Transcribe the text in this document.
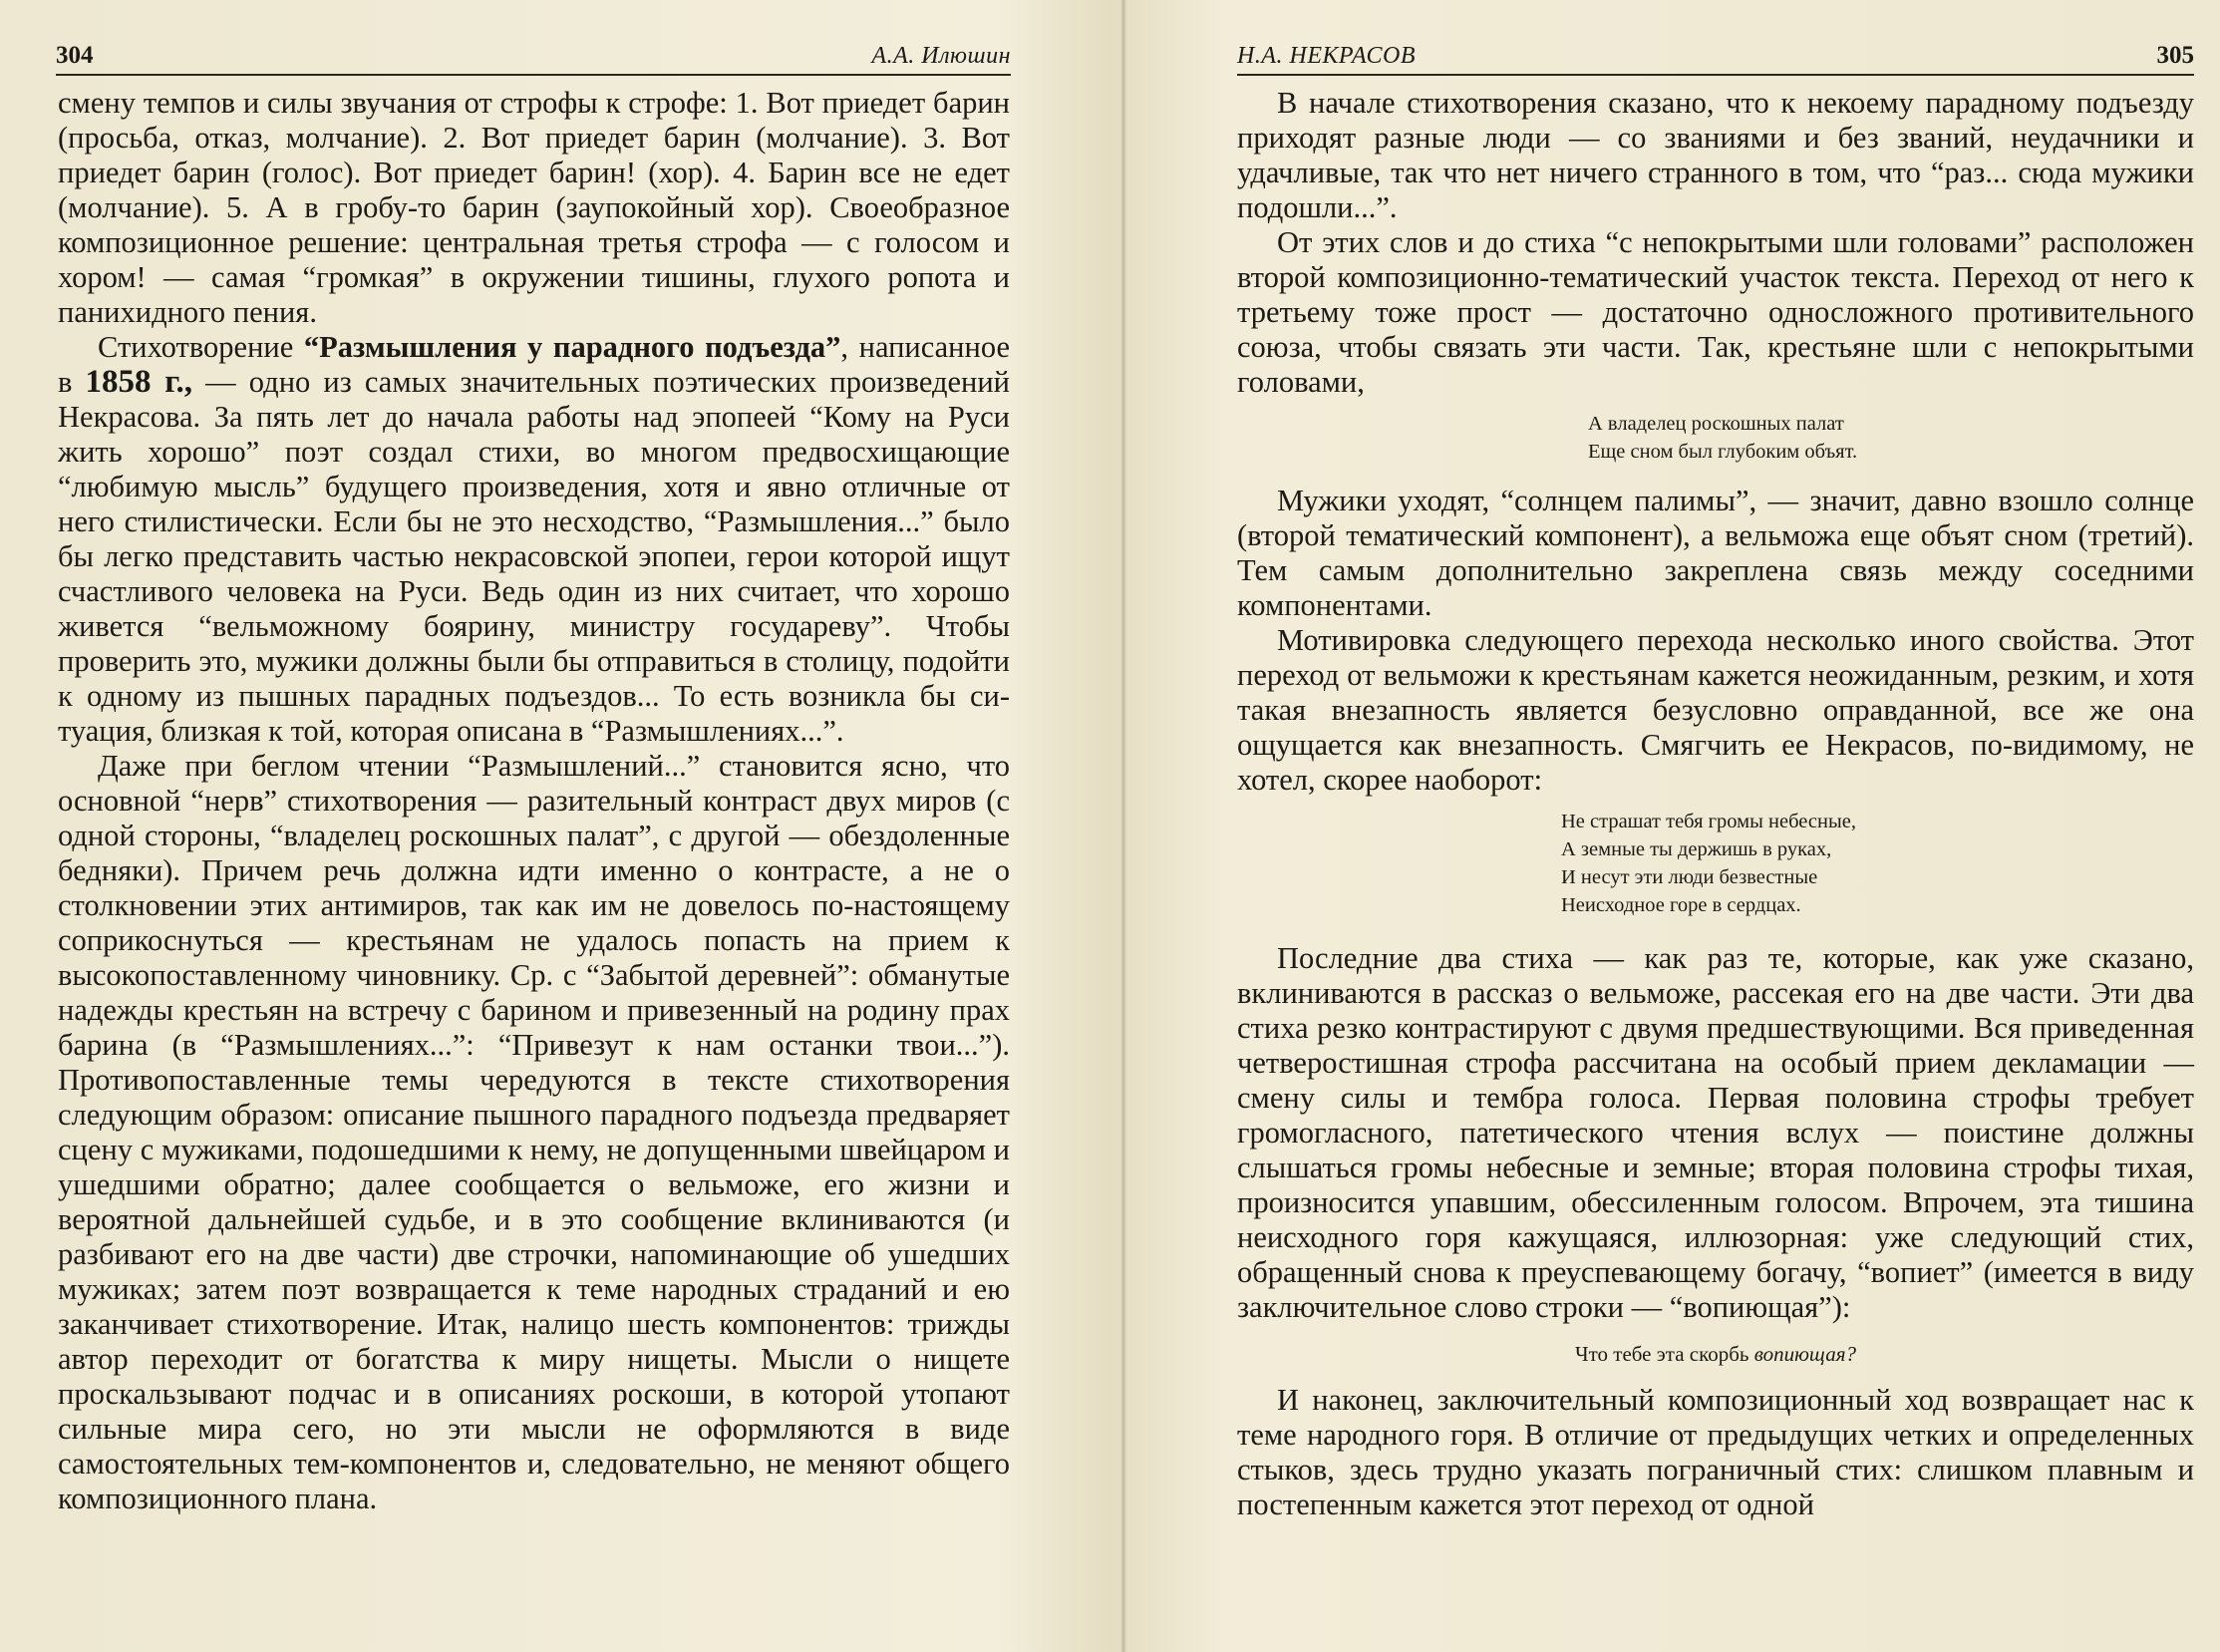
304	А.А. Илюшин

смену темпов и силы звучания от строфы к строфе: 1. Вот приедет барин (просьба, отказ, молчание). 2. Вот приедет барин (молчание). 3. Вот приедет барин (голос). Вот приедет барин! (хор). 4. Барин все не едет (молчание). 5. А в гробу-то барин (заупокойный хор). Своеобразное композиционное решение: центральная третья строфа — с голосом и хором! — самая “громкая” в окружении тишины, глухого ропота и панихидного пения.

Стихотворение “Размышления у парадного подъезда”, написанное в 1858 г., — одно из самых значительных поэтических произведений Некрасова. За пять лет до начала работы над эпопеей “Кому на Руси жить хорошо” поэт создал стихи, во многом предвосхищающие “любимую мысль” будущего произведения, хотя и явно отличные от него стилистически. Если бы не это несходство, “Размышления...” было бы легко представить частью некрасовской эпопеи, герои которой ищут счастливого человека на Руси. Ведь один из них считает, что хорошо живется “вельможному боярину, министру государеву”. Чтобы проверить это, мужики должны были бы отправиться в столицу, подойти к одному из пышных парадных подъездов... То есть возникла бы ситуация, близкая к той, которая описана в “Размышлениях...”.

Даже при беглом чтении “Размышлений...” становится ясно, что основной “нерв” стихотворения — разительный контраст двух миров (с одной стороны, “владелец роскошных палат”, с другой — обездоленные бедняки). Причем речь должна идти именно о контрасте, а не о столкновении этих антимиров, так как им не довелось по-настоящему соприкоснуться — крестьянам не удалось попасть на прием к высокопоставленному чиновнику. Ср. с “Забытой деревней”: обманутые надежды крестьян на встречу с барином и привезенный на родину прах барина (в “Размышлениях...”: “Привезут к нам останки твои...”). Противопоставленные темы чередуются в тексте стихотворения следующим образом: описание пышного парадного подъезда предваряет сцену с мужиками, подошедшими к нему, не допущенными швейцаром и ушедшими обратно; далее сообщается о вельможе, его жизни и вероятной дальнейшей судьбе, и в это сообщение вклиниваются (и разбивают его на две части) две строчки, напоминающие об ушедших мужиках; затем поэт возвращается к теме народных страданий и ею заканчивает стихотворение. Итак, налицо шесть компонентов: трижды автор переходит от богатства к миру нищеты. Мысли о нищете проскальзывают подчас и в описаниях роскоши, в которой утопают сильные мира сего, но эти мысли не оформляются в виде самостоятельных тем-компонентов и, следовательно, не меняют общего композиционного плана.

Н.А. НЕКРАСОВ	305

В начале стихотворения сказано, что к некоему парадному подъезду приходят разные люди — со званиями и без званий, неудачники и удачливые, так что нет ничего странного в том, что “раз... сюда мужики подошли...”.

От этих слов и до стиха “с непокрытыми шли головами” расположен второй композиционно-тематический участок текста. Переход от него к третьему тоже прост — достаточно односложного противительного союза, чтобы связать эти части. Так, крестьяне шли с непокрытыми головами,

А владелец роскошных палат
Еще сном был глубоким объят.

Мужики уходят, “солнцем палимы”, — значит, давно взошло солнце (второй тематический компонент), а вельможа еще объят сном (третий). Тем самым дополнительно закреплена связь между соседними компонентами.

Мотивировка следующего перехода несколько иного свойства. Этот переход от вельможи к крестьянам кажется неожиданным, резким, и хотя такая внезапность является безусловно оправданной, все же она ощущается как внезапность. Смягчить ее Некрасов, по-видимому, не хотел, скорее наоборот:

Не страшат тебя громы небесные,
А земные ты держишь в руках,
И несут эти люди безвестные
Неисходное горе в сердцах.

Последние два стиха — как раз те, которые, как уже сказано, вклиниваются в рассказ о вельможе, рассекая его на две части. Эти два стиха резко контрастируют с двумя предшествующими. Вся приведенная четверостишная строфа рассчитана на особый прием декламации — смену силы и тембра голоса. Первая половина строфы требует громогласного, патетического чтения вслух — поистине должны слышаться громы небесные и земные; вторая половина строфы тихая, произносится упавшим, обессиленным голосом. Впрочем, эта тишина неисходного горя кажущаяся, иллюзорная: уже следующий стих, обращенный снова к преуспевающему богачу, “вопиет” (имеется в виду заключительное слово строки — “вопиющая”):

Что тебе эта скорбь вопиющая?

И наконец, заключительный композиционный ход возвращает нас к теме народного горя. В отличие от предыдущих четких и определенных стыков, здесь трудно указать пограничный стих: слишком плавным и постепенным кажется этот переход от одной
